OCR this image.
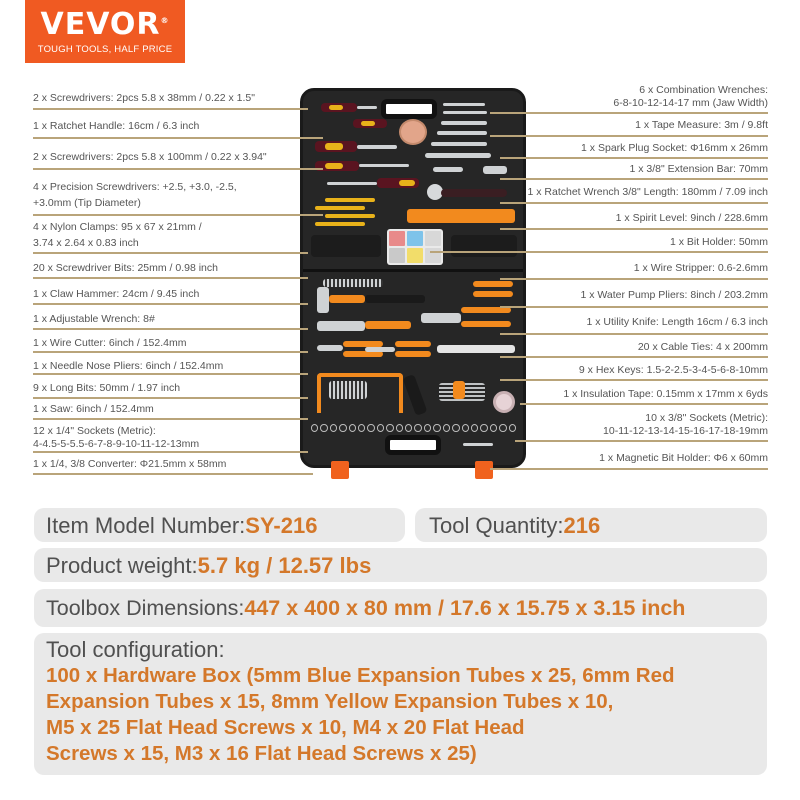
VEVOR®
TOUGH TOOLS, HALF PRICE
2 x Screwdrivers: 2pcs 5.8 x 38mm / 0.22 x 1.5"
1 x Ratchet Handle: 16cm / 6.3 inch
2 x Screwdrivers: 2pcs 5.8 x 100mm / 0.22 x 3.94"
4 x Precision Screwdrivers: +2.5, +3.0, -2.5,
+3.0mm (Tip Diameter)
4 x Nylon Clamps: 95 x 67 x 21mm /
3.74 x 2.64 x 0.83 inch
20 x Screwdriver Bits: 25mm / 0.98 inch
1 x Claw Hammer: 24cm / 9.45 inch
1 x Adjustable Wrench: 8#
1 x Wire Cutter: 6inch / 152.4mm
1 x Needle Nose Pliers: 6inch / 152.4mm
9 x Long Bits: 50mm / 1.97 inch
1 x Saw: 6inch / 152.4mm
12 x 1/4" Sockets (Metric):
4-4.5-5-5.5-6-7-8-9-10-11-12-13mm
1 x 1/4, 3/8 Converter: Φ21.5mm x 58mm
6 x Combination Wrenches:
6-8-10-12-14-17 mm (Jaw Width)
1 x Tape Measure: 3m / 9.8ft
1 x Spark Plug Socket: Φ16mm x 26mm
1 x 3/8" Extension Bar: 70mm
1 x Ratchet Wrench 3/8" Length: 180mm / 7.09 inch
1 x Spirit Level: 9inch / 228.6mm
1 x Bit Holder: 50mm
1 x Wire Stripper: 0.6-2.6mm
1 x Water Pump Pliers: 8inch / 203.2mm
1 x Utility Knife: Length 16cm / 6.3 inch
20 x Cable Ties: 4 x 200mm
9 x Hex Keys: 1.5-2-2.5-3-4-5-6-8-10mm
1 x Insulation Tape: 0.15mm x 17mm x 6yds
10 x 3/8" Sockets (Metric):
10-11-12-13-14-15-16-17-18-19mm
1 x Magnetic Bit Holder: Φ6 x 60mm
Item Model Number:SY-216	Tool Quantity:216
Product weight:5.7 kg / 12.57 lbs
Toolbox Dimensions:447 x 400 x 80 mm / 17.6 x 15.75 x 3.15 inch
Tool configuration:
100 x Hardware Box (5mm Blue Expansion Tubes x 25, 6mm Red
Expansion Tubes x 15, 8mm Yellow Expansion Tubes x 10,
M5 x 25 Flat Head Screws x 10, M4 x 20 Flat Head
Screws x 15, M3 x 16 Flat Head Screws x 25)
